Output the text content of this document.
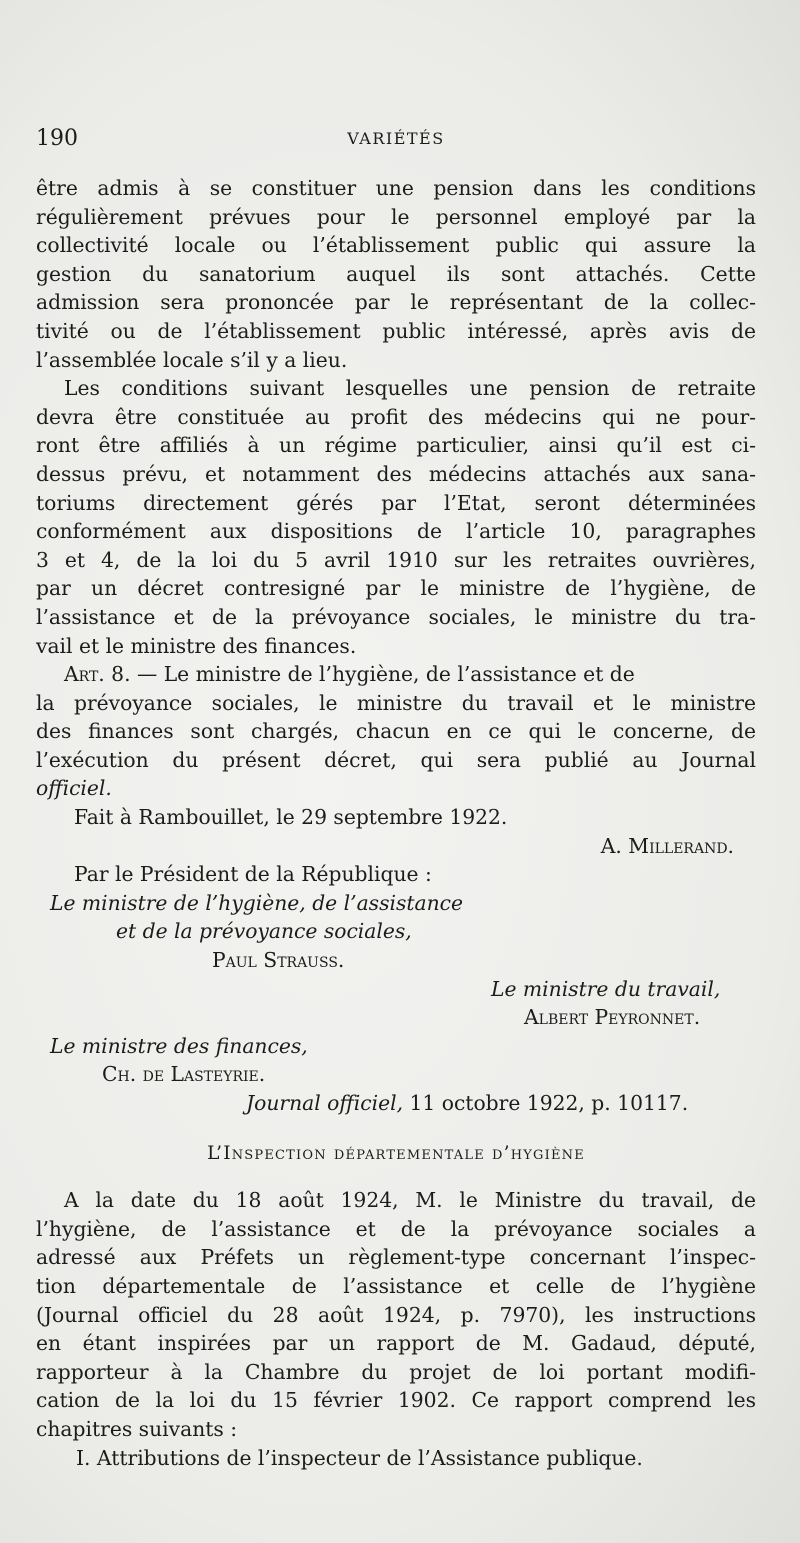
190	VARIÉTÉS
être admis à se constituer une pension dans les conditions
régulièrement prévues pour le personnel employé par la
collectivité locale ou l’établissement public qui assure la
gestion du sanatorium auquel ils sont attachés. Cette
admission sera prononcée par le représentant de la collec-
tivité ou de l’établissement public intéressé, après avis de
l’assemblée locale s’il y a lieu.
Les conditions suivant lesquelles une pension de retraite
devra être constituée au profit des médecins qui ne pour-
ront être affiliés à un régime particulier, ainsi qu’il est ci-
dessus prévu, et notamment des médecins attachés aux sana-
toriums directement gérés par l’Etat, seront déterminées
conformément aux dispositions de l’article 10, paragraphes
3 et 4, de la loi du 5 avril 1910 sur les retraites ouvrières,
par un décret contresigné par le ministre de l’hygiène, de
l’assistance et de la prévoyance sociales, le ministre du tra-
vail et le ministre des finances.
Art. 8. — Le ministre de l’hygiène, de l’assistance et de
la prévoyance sociales, le ministre du travail et le ministre
des finances sont chargés, chacun en ce qui le concerne, de
l’exécution du présent décret, qui sera publié au Journal
officiel.
Fait à Rambouillet, le 29 septembre 1922.
A. Millerand.
Par le Président de la République :
Le ministre de l’hygiène, de l’assistance
et de la prévoyance sociales,
Paul Strauss.
Le ministre du travail,
Albert Peyronnet.
Le ministre des finances,
Ch. de Lasteyrie.
Journal officiel, 11 octobre 1922, p. 10117.
L’Inspection départementale d’hygiène
A la date du 18 août 1924, M. le Ministre du travail, de
l’hygiène, de l’assistance et de la prévoyance sociales a
adressé aux Préfets un règlement-type concernant l’inspec-
tion départementale de l’assistance et celle de l’hygiène
(Journal officiel du 28 août 1924, p. 7970), les instructions
en étant inspirées par un rapport de M. Gadaud, député,
rapporteur à la Chambre du projet de loi portant modifi-
cation de la loi du 15 février 1902. Ce rapport comprend les
chapitres suivants :
I. Attributions de l’inspecteur de l’Assistance publique.
